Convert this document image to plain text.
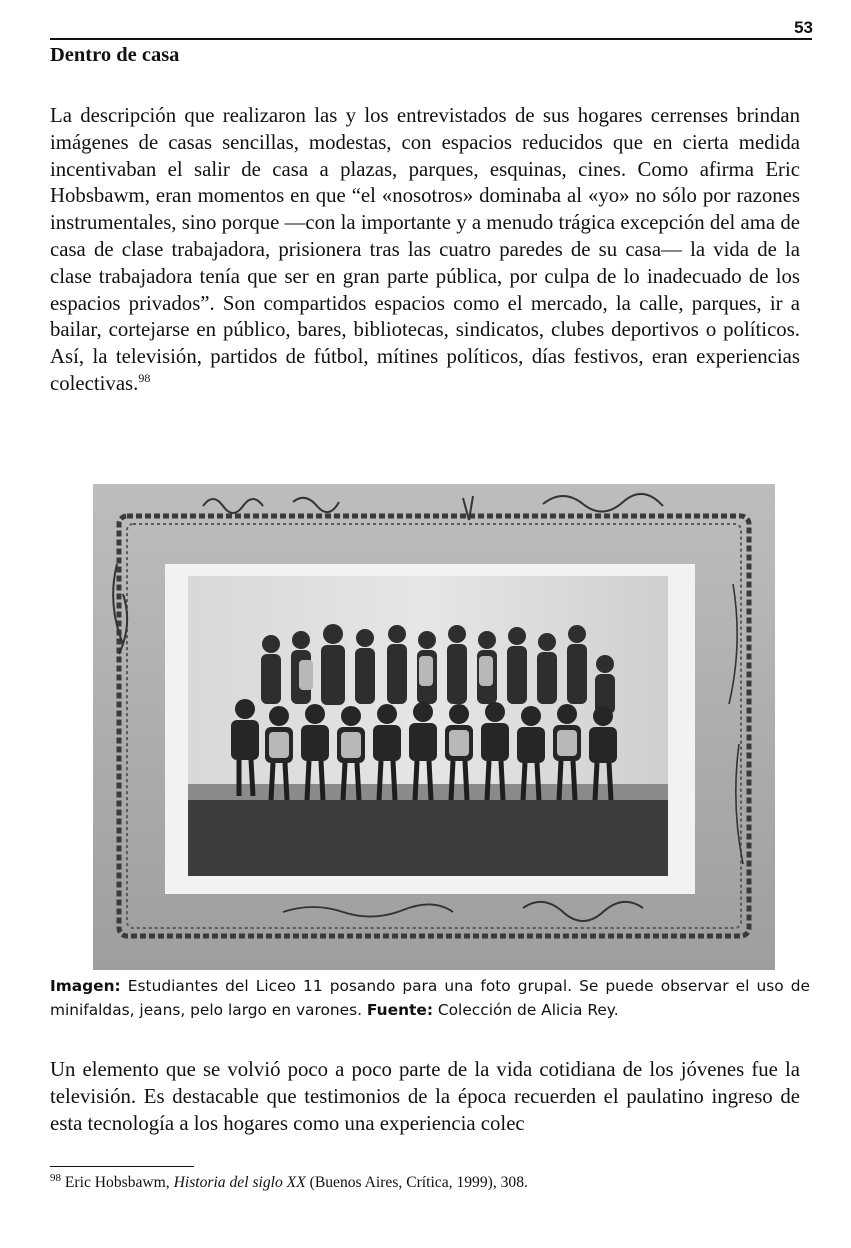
53
Dentro de casa

La descripción que realizaron las y los entrevistados de sus hogares cerrenses brindan imágenes de casas sencillas, modestas, con espacios reducidos que en cierta medida incentivaban el salir de casa a plazas, parques, esquinas, cines. Como afirma Eric Hobsbawm, eran momentos en que “el «nosotros» dominaba al «yo» no sólo por razones instrumentales, sino porque —con la importante y a menudo trágica excepción del ama de casa de clase trabajadora, prisionera tras las cuatro paredes de su casa— la vida de la clase trabajadora tenía que ser en gran parte pública, por culpa de lo inadecuado de los espacios privados”. Son compartidos espacios como el mercado, la calle, parques, ir a bailar, cortejarse en público, bares, bibliotecas, sindicatos, clubes deportivos o políticos. Así, la televisión, partidos de fútbol, mítines políticos, días festivos, eran experiencias colectivas.$^{98}$

Imagen: Estudiantes del Liceo 11 posando para una foto grupal. Se puede observar el uso de minifaldas, jeans, pelo largo en varones. Fuente: Colección de Alicia Rey.

Un elemento que se volvió poco a poco parte de la vida cotidiana de los jóvenes fue la televisión. Es destacable que testimonios de la época recuerden el paulatino ingreso de esta tecnología a los hogares como una experiencia colec

$^{98}$ Eric Hobsbawm, Historia del siglo XX (Buenos Aires, Crítica, 1999), 308.
